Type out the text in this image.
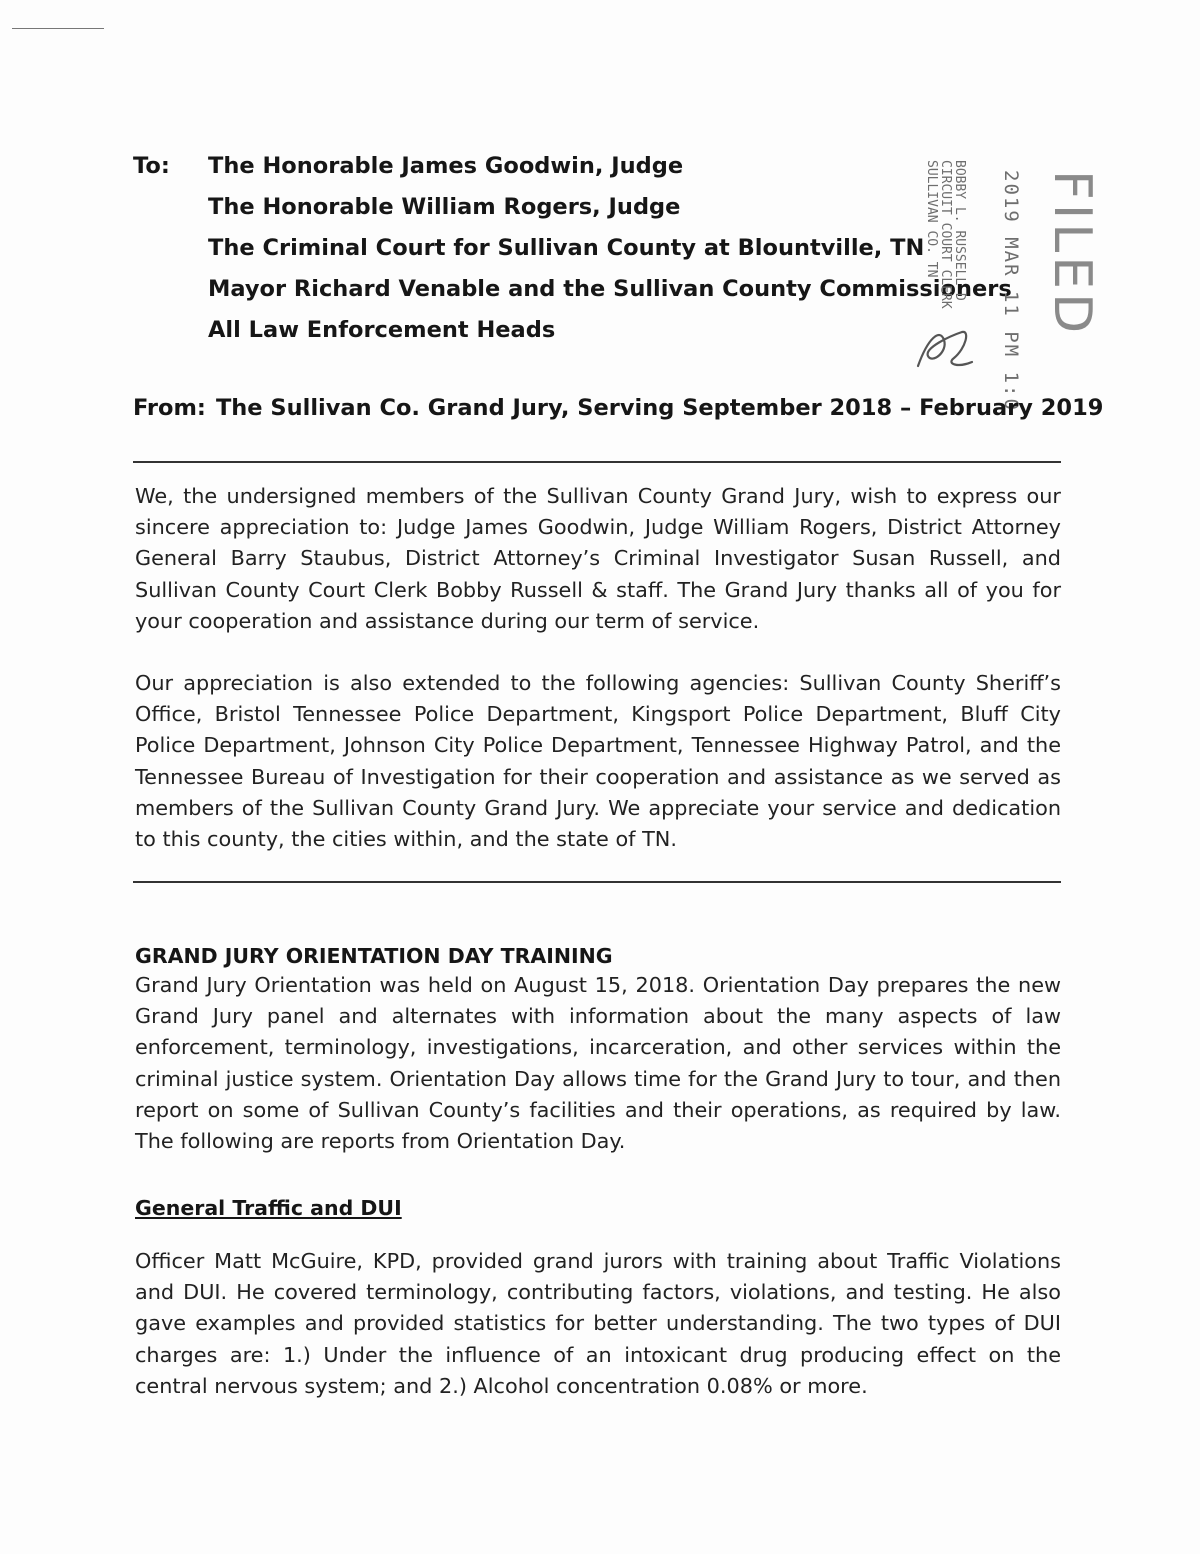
To: The Honorable James Goodwin, Judge
The Honorable William Rogers, Judge
The Criminal Court for Sullivan County at Blountville, TN
Mayor Richard Venable and the Sullivan County Commissioners
All Law Enforcement Heads
BOBBY L. RUSSELL D
CIRCUIT COURT CLERK
SULLIVAN CO. TN	2019 MAR 11 PM 1:0 FILED
From: The Sullivan Co. Grand Jury, Serving September 2018 – February 2019

We, the undersigned members of the Sullivan County Grand Jury, wish to express our sincere appreciation to: Judge James Goodwin, Judge William Rogers, District Attorney General Barry Staubus, District Attorney’s Criminal Investigator Susan Russell, and Sullivan County Court Clerk Bobby Russell & staff. The Grand Jury thanks all of you for your cooperation and assistance during our term of service.

Our appreciation is also extended to the following agencies: Sullivan County Sheriff’s Office, Bristol Tennessee Police Department, Kingsport Police Department, Bluff City Police Department, Johnson City Police Department, Tennessee Highway Patrol, and the Tennessee Bureau of Investigation for their cooperation and assistance as we served as members of the Sullivan County Grand Jury. We appreciate your service and dedication to this county, the cities within, and the state of TN.

GRAND JURY ORIENTATION DAY TRAINING

Grand Jury Orientation was held on August 15, 2018. Orientation Day prepares the new Grand Jury panel and alternates with information about the many aspects of law enforcement, terminology, investigations, incarceration, and other services within the criminal justice system. Orientation Day allows time for the Grand Jury to tour, and then report on some of Sullivan County’s facilities and their operations, as required by law. The following are reports from Orientation Day.

General Traffic and DUI

Officer Matt McGuire, KPD, provided grand jurors with training about Traffic Violations and DUI. He covered terminology, contributing factors, violations, and testing. He also gave examples and provided statistics for better understanding. The two types of DUI charges are: 1.) Under the influence of an intoxicant drug producing effect on the central nervous system; and 2.) Alcohol concentration 0.08% or more.
